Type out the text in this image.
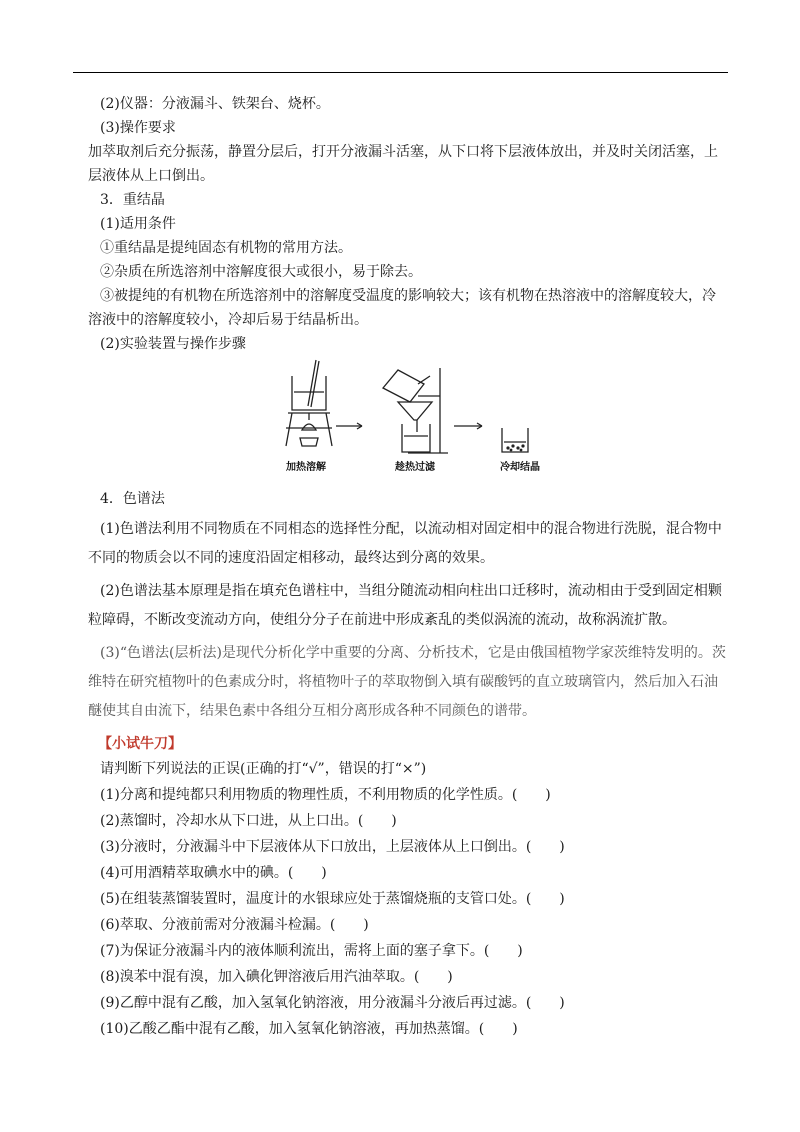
(2)仪器：分液漏斗、铁架台、烧杯。

(3)操作要求

加萃取剂后充分振荡，静置分层后，打开分液漏斗活塞，从下口将下层液体放出，并及时关闭活塞，上层液体从上口倒出。

3．重结晶

(1)适用条件

①重结晶是提纯固态有机物的常用方法。

②杂质在所选溶剂中溶解度很大或很小，易于除去。

③被提纯的有机物在所选溶剂中的溶解度受温度的影响较大；该有机物在热溶液中的溶解度较大，冷溶液中的溶解度较小，冷却后易于结晶析出。

(2)实验装置与操作步骤

加热溶解	趁热过滤	冷却结晶

4．色谱法

(1)色谱法利用不同物质在不同相态的选择性分配，以流动相对固定相中的混合物进行洗脱，混合物中不同的物质会以不同的速度沿固定相移动，最终达到分离的效果。

(2)色谱法基本原理是指在填充色谱柱中，当组分随流动相向柱出口迁移时，流动相由于受到固定相颗粒障碍，不断改变流动方向，使组分分子在前进中形成紊乱的类似涡流的流动，故称涡流扩散。

(3)“色谱法(层析法)是现代分析化学中重要的分离、分析技术，它是由俄国植物学家茨维特发明的。茨维特在研究植物叶的色素成分时，将植物叶子的萃取物倒入填有碳酸钙的直立玻璃管内，然后加入石油醚使其自由流下，结果色素中各组分互相分离形成各种不同颜色的谱带。

【小试牛刀】

请判断下列说法的正误(正确的打“√”，错误的打“×”)

(1)分离和提纯都只利用物质的物理性质，不利用物质的化学性质。(　　)

(2)蒸馏时，冷却水从下口进，从上口出。(　　)

(3)分液时，分液漏斗中下层液体从下口放出，上层液体从上口倒出。(　　)

(4)可用酒精萃取碘水中的碘。(　　)

(5)在组装蒸馏装置时，温度计的水银球应处于蒸馏烧瓶的支管口处。(　　)

(6)萃取、分液前需对分液漏斗检漏。(　　)

(7)为保证分液漏斗内的液体顺利流出，需将上面的塞子拿下。(　　)

(8)溴苯中混有溴，加入碘化钾溶液后用汽油萃取。(　　)

(9)乙醇中混有乙酸，加入氢氧化钠溶液，用分液漏斗分液后再过滤。(　　)

(10)乙酸乙酯中混有乙酸，加入氢氧化钠溶液，再加热蒸馏。(　　)
